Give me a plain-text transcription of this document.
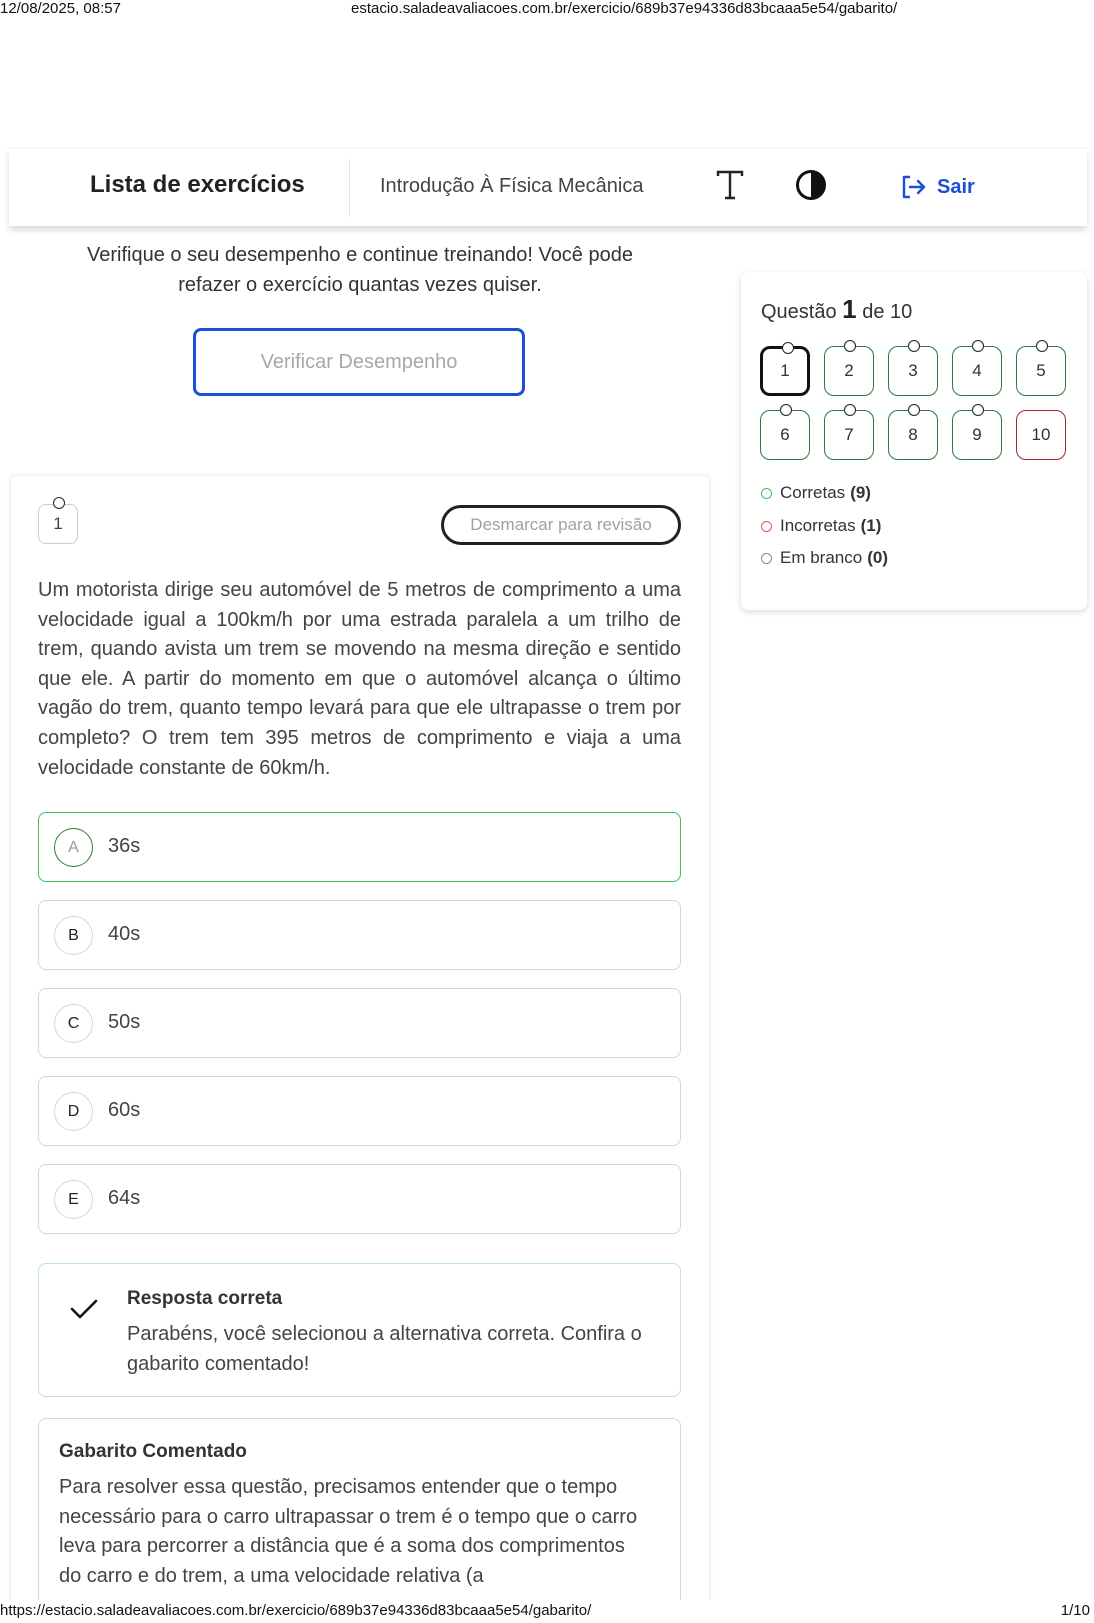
12/08/2025, 08:57	estacio.saladeavaliacoes.com.br/exercicio/689b37e94336d83bcaaa5e54/gabarito/
Lista de exercícios	Introdução À Física Mecânica	Sair
Verifique o seu desempenho e continue treinando! Você pode refazer o exercício quantas vezes quiser.
Verificar Desempenho
1	Desmarcar para revisão
Um motorista dirige seu automóvel de 5 metros de comprimento a uma velocidade igual a 100km/h por uma estrada paralela a um trilho de trem, quando avista um trem se movendo na mesma direção e sentido que ele. A partir do momento em que o automóvel alcança o último vagão do trem, quanto tempo levará para que ele ultrapasse o trem por completo? O trem tem 395 metros de comprimento e viaja a uma velocidade constante de 60km/h.
A	36s
B	40s
C	50s
D	60s
E	64s
Resposta correta
Parabéns, você selecionou a alternativa correta. Confira o gabarito comentado!
Gabarito Comentado
Para resolver essa questão, precisamos entender que o tempo necessário para o carro ultrapassar o trem é o tempo que o carro leva para percorrer a distância que é a soma dos comprimentos do carro e do trem, a uma velocidade relativa (a
Questão 1 de 10
1	2	3	4	5
6	7	8	9	10
Corretas (9)
Incorretas (1)
Em branco (0)
https://estacio.saladeavaliacoes.com.br/exercicio/689b37e94336d83bcaaa5e54/gabarito/	1/10
